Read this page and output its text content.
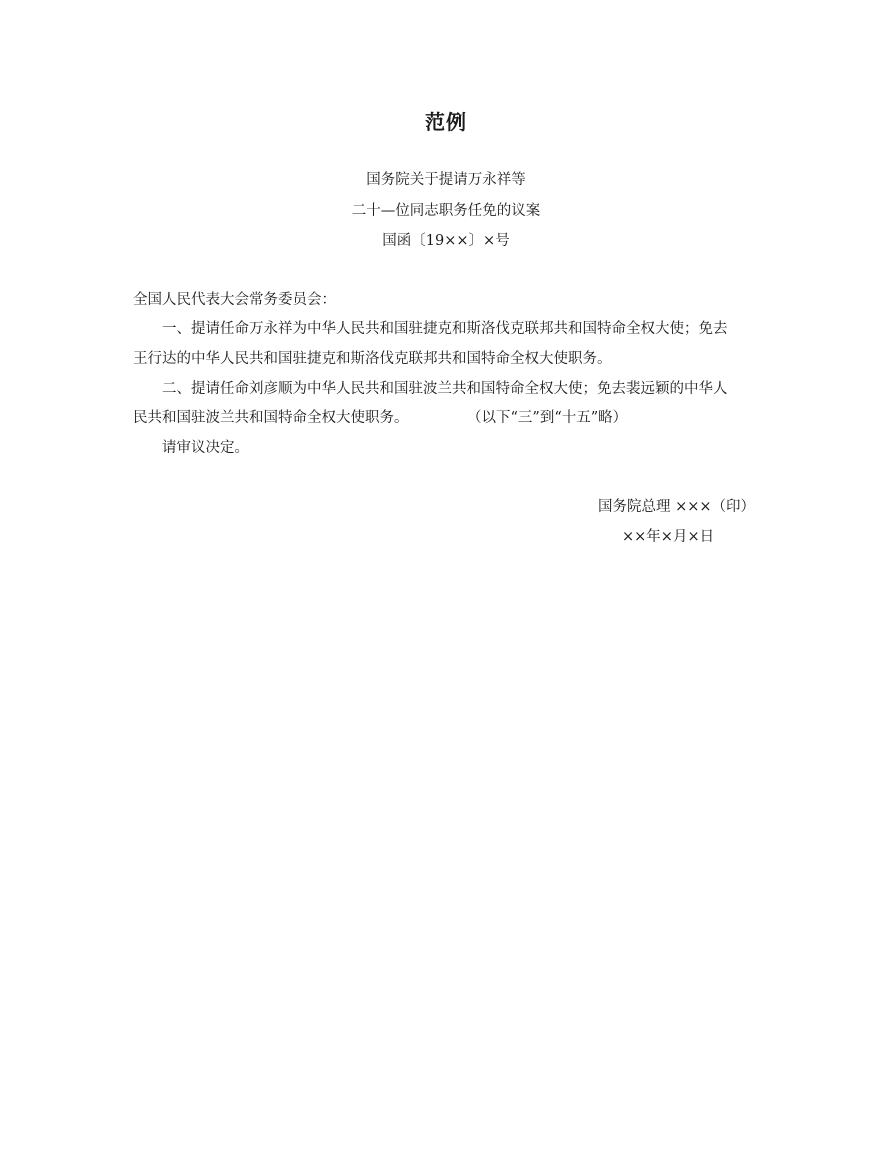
范例
国务院关于提请万永祥等
二十—位同志职务任免的议案
国函〔19××〕×号
全国人民代表大会常务委员会：
一、提请任命万永祥为中华人民共和国驻捷克和斯洛伐克联邦共和国特命全权大使；免去
王行达的中华人民共和国驻捷克和斯洛伐克联邦共和国特命全权大使职务。
二、提请任命刘彦顺为中华人民共和国驻波兰共和国特命全权大使；免去裴远颖的中华人
民共和国驻波兰共和国特命全权大使职务。	（以下“三”到“十五”略）
请审议决定。
国务院总理 ×××（印）
××年×月×日
